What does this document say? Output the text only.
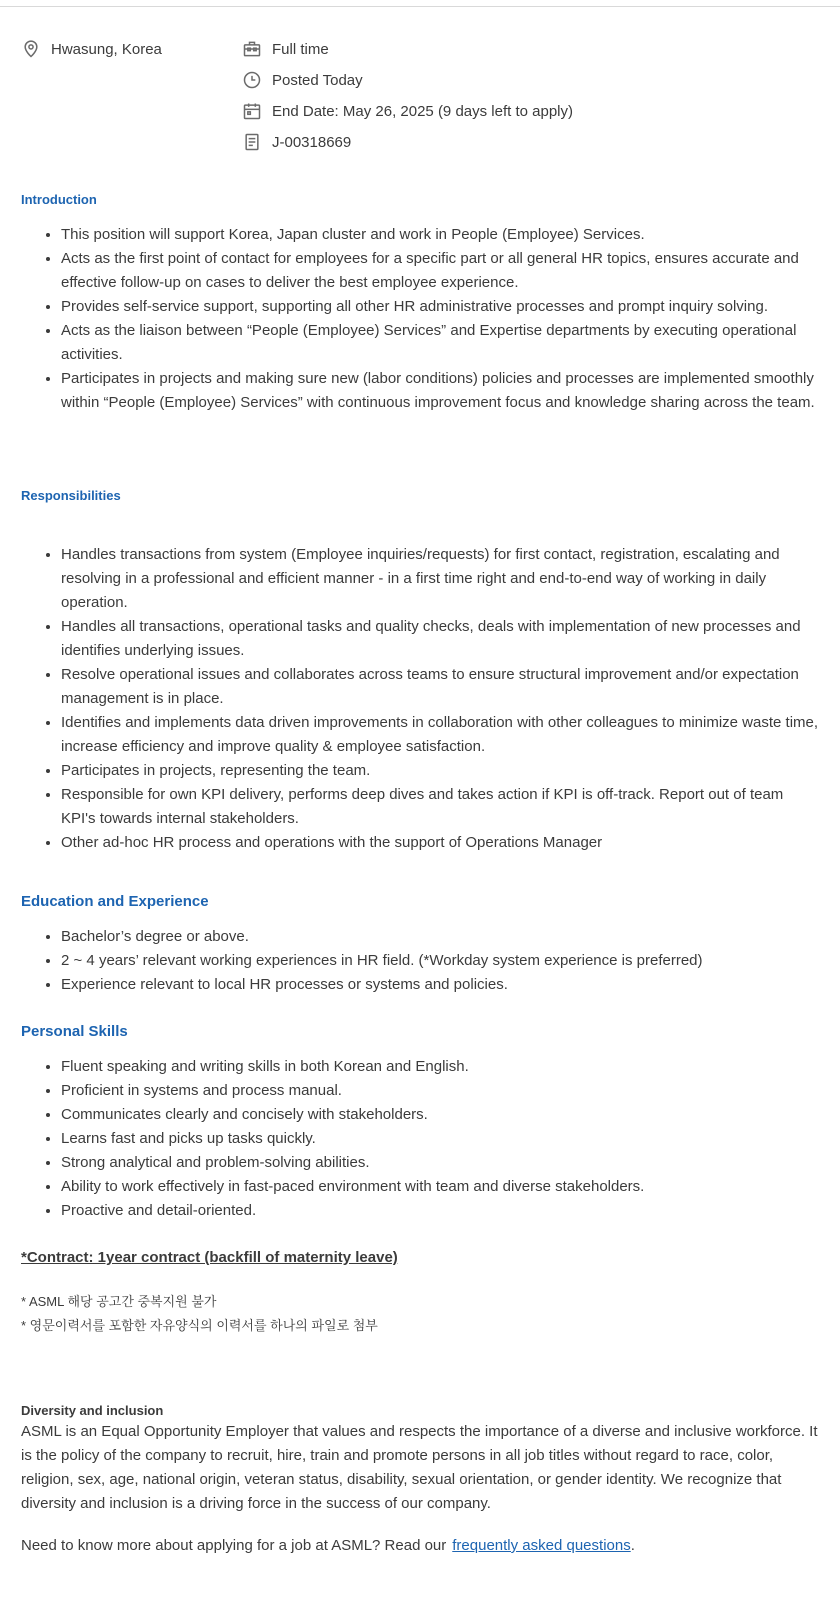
Hwasung, Korea	Full time
Posted Today
End Date: May 26, 2025 (9 days left to apply)
J-00318669
Introduction
• This position will support Korea, Japan cluster and work in People (Employee) Services.
• Acts as the first point of contact for employees for a specific part or all general HR topics, ensures accurate and effective follow-up on cases to deliver the best employee experience.
• Provides self-service support, supporting all other HR administrative processes and prompt inquiry solving.
• Acts as the liaison between “People (Employee) Services” and Expertise departments by executing operational activities.
• Participates in projects and making sure new (labor conditions) policies and processes are implemented smoothly within “People (Employee) Services” with continuous improvement focus and knowledge sharing across the team.
Responsibilities
• Handles transactions from system (Employee inquiries/requests) for first contact, registration, escalating and resolving in a professional and efficient manner - in a first time right and end-to-end way of working in daily operation.
• Handles all transactions, operational tasks and quality checks, deals with implementation of new processes and identifies underlying issues.
• Resolve operational issues and collaborates across teams to ensure structural improvement and/or expectation management is in place.
• Identifies and implements data driven improvements in collaboration with other colleagues to minimize waste time, increase efficiency and improve quality & employee satisfaction.
• Participates in projects, representing the team.
• Responsible for own KPI delivery, performs deep dives and takes action if KPI is off-track. Report out of team KPI's towards internal stakeholders.
• Other ad-hoc HR process and operations with the support of Operations Manager
Education and Experience
• Bachelor’s degree or above.
• 2 ~ 4 years’ relevant working experiences in HR field. (*Workday system experience is preferred)
• Experience relevant to local HR processes or systems and policies.
Personal Skills
• Fluent speaking and writing skills in both Korean and English.
• Proficient in systems and process manual.
• Communicates clearly and concisely with stakeholders.
• Learns fast and picks up tasks quickly.
• Strong analytical and problem-solving abilities.
• Ability to work effectively in fast-paced environment with team and diverse stakeholders.
• Proactive and detail-oriented.
*Contract: 1year contract (backfill of maternity leave)
* ASML 해당 공고간 중복지원 불가
* 영문이력서를 포함한 자유양식의 이력서를 하나의 파일로 첨부
Diversity and inclusion
ASML is an Equal Opportunity Employer that values and respects the importance of a diverse and inclusive workforce. It is the policy of the company to recruit, hire, train and promote persons in all job titles without regard to race, color, religion, sex, age, national origin, veteran status, disability, sexual orientation, or gender identity. We recognize that diversity and inclusion is a driving force in the success of our company.
Need to know more about applying for a job at ASML? Read our frequently asked questions.
